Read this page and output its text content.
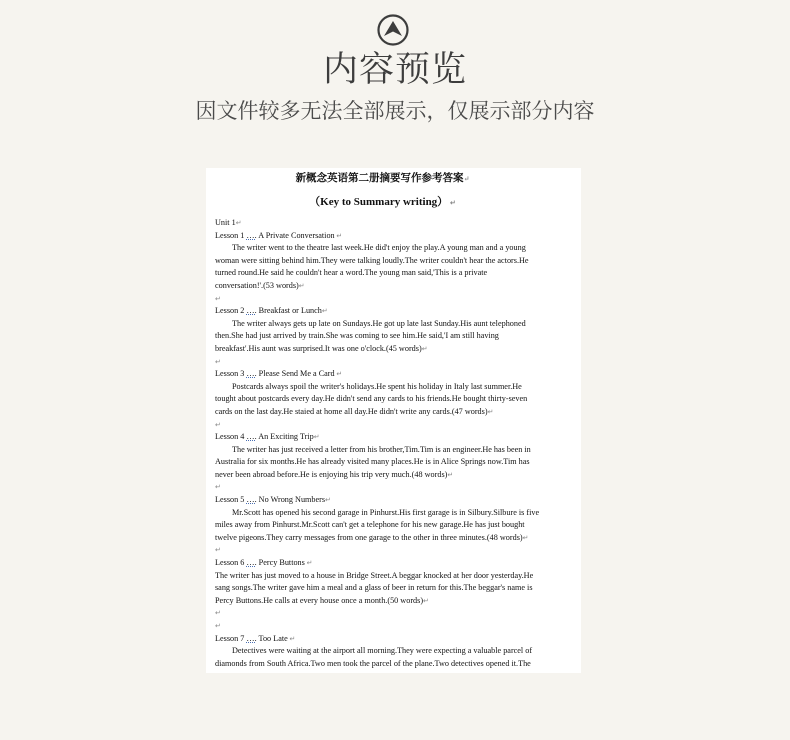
内容预览
因文件较多无法全部展示，仅展示部分内容
新概念英语第二册摘要写作参考答案↵
（Key to Summary writing） ↵
Unit 1↵
Lesson 1 …. A Private Conversation ↵
The writer went to the theatre last week.He did't enjoy the play.A young man and a young
woman were sitting behind him.They were talking loudly.The writer couldn't hear the actors.He
turned round.He said he couldn't hear a word.The young man said,'This is a private
conversation!'.(53 words)↵
↵
Lesson 2 …. Breakfast or Lunch↵
The writer always gets up late on Sundays.He got up late last Sunday.His aunt telephoned
then.She had just arrived by train.She was coming to see him.He said,'I am still having
breakfast'.His aunt was surprised.It was one o'clock.(45 words)↵
↵
Lesson 3 …. Please Send Me a Card ↵
Postcards always spoil the writer's holidays.He spent his holiday in Italy last summer.He
tought about postcards every day.He didn't send any cards to his friends.He bought thirty-seven
cards on the last day.He staied at home all day.He didn't write any cards.(47 words)↵
↵
Lesson 4 …. An Exciting Trip↵
The writer has just received a letter from his brother,Tim.Tim is an engineer.He has been in
Australia for six months.He has already visited many places.He is in Alice Springs now.Tim has
never been abroad before.He is enjoying his trip very much.(48 words)↵
↵
Lesson 5 …. No Wrong Numbers↵
Mr.Scott has opened his second garage in Pinhurst.His first garage is in Silbury.Silbure is five
miles away from Pinhurst.Mr.Scott can't get a telephone for his new garage.He has just bought
twelve pigeons.They carry messages from one garage to the other in three minutes.(48 words)↵
↵
Lesson 6 …. Percy Buttons ↵
The writer has just moved to a house in Bridge Street.A beggar knocked at her door yesterday.He
sang songs.The writer gave him a meal and a glass of beer in return for this.The beggar's name is
Percy Buttons.He calls at every house once a month.(50 words)↵
↵
↵
Lesson 7 …. Too Late ↵
Detectives were waiting at the airport all morning.They were expecting a valuable parcel of
diamonds from South Africa.Two men took the parcel of the plane.Two detectives opened it.The
